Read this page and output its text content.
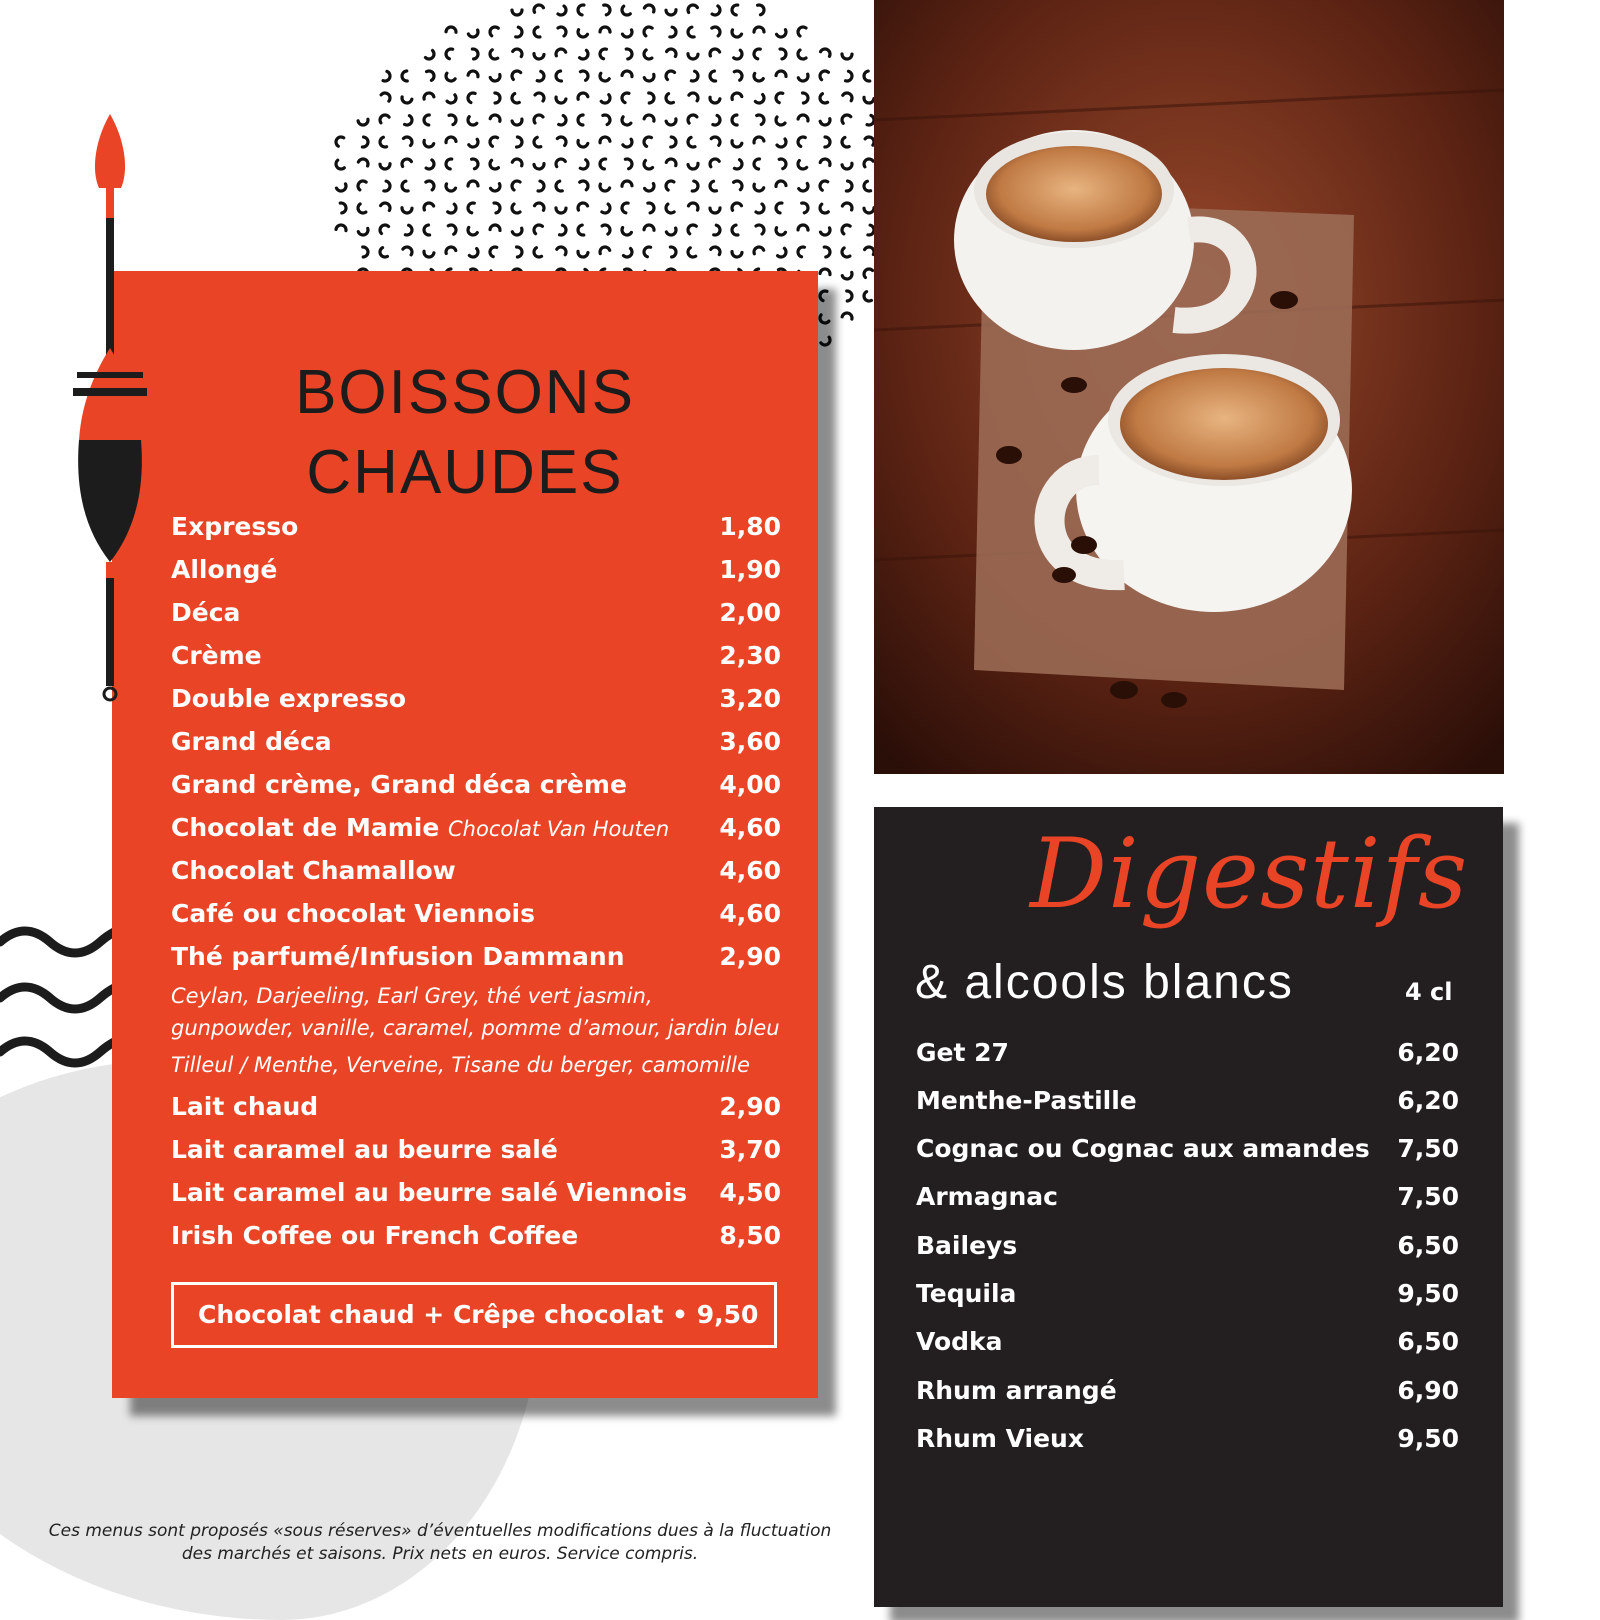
BOISSONS
CHAUDES
Expresso	1,80
Allongé	1,90
Déca	2,00
Crème	2,30
Double expresso	3,20
Grand déca	3,60
Grand crème, Grand déca crème	4,00
Chocolat de Mamie Chocolat Van Houten 4,60
Chocolat Chamallow	4,60
Café ou chocolat Viennois	4,60
Thé parfumé/Infusion Dammann	2,90
Ceylan, Darjeeling, Earl Grey, thé vert jasmin,
gunpowder, vanille, caramel, pomme d’amour, jardin bleu
Tilleul / Menthe, Verveine, Tisane du berger, camomille
Lait chaud	2,90
Lait caramel au beurre salé	3,70
Lait caramel au beurre salé Viennois 4,50
Irish Coffee ou French Coffee	8,50
Chocolat chaud + Crêpe chocolat • 9,50
Digestifs
& alcools blancs	4 cl
Get 27	6,20
Menthe-Pastille	6,20
Cognac ou Cognac aux amandes 7,50
Armagnac	7,50
Baileys	6,50
Tequila	9,50
Vodka	6,50
Rhum arrangé	6,90
Rhum Vieux	9,50
Ces menus sont proposés «sous réserves» d’éventuelles modifications dues à la fluctuation
des marchés et saisons. Prix nets en euros. Service compris.
